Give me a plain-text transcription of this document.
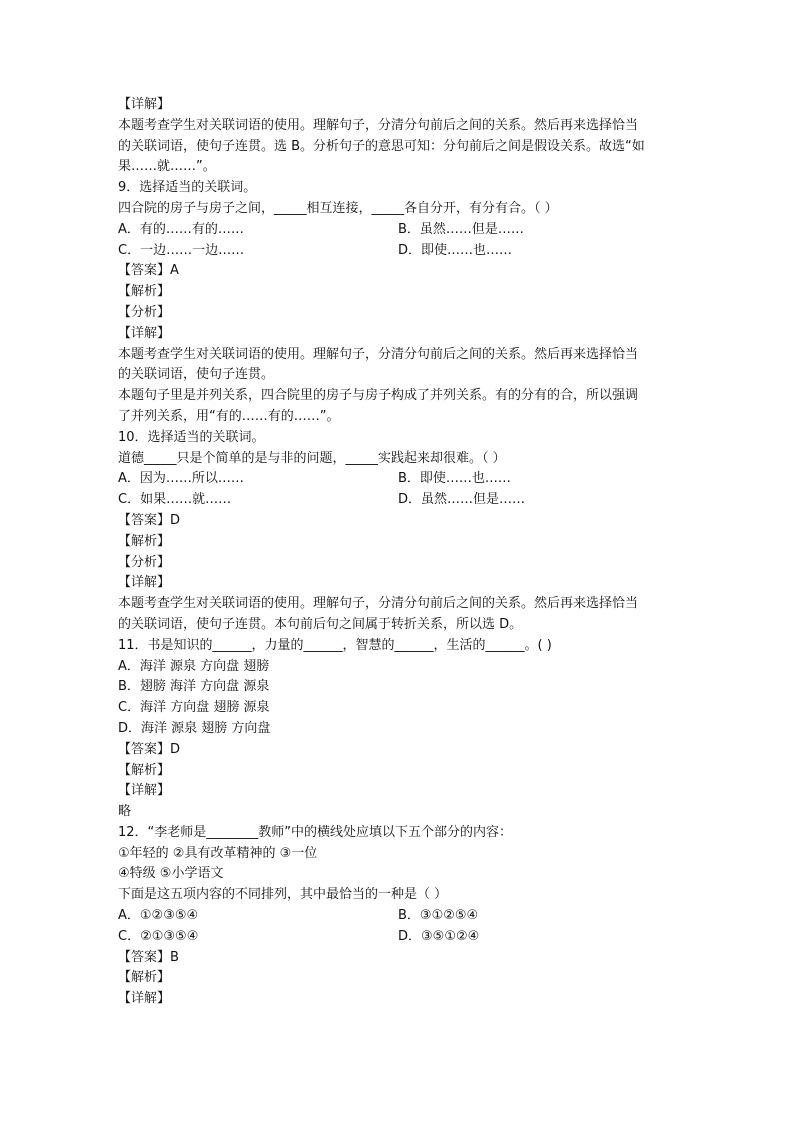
【详解】
本题考查学生对关联词语的使用。理解句子，分清分句前后之间的关系。然后再来选择恰当
的关联词语，使句子连贯。选 B。分析句子的意思可知：分句前后之间是假设关系。故选“如
果……就……”。
9．选择适当的关联词。
四合院的房子与房子之间，_____相互连接，_____各自分开，有分有合。（ ）
A．有的……有的……	B．虽然……但是……
C．一边……一边……	D．即使……也……
【答案】A
【解析】
【分析】
【详解】
本题考查学生对关联词语的使用。理解句子，分清分句前后之间的关系。然后再来选择恰当
的关联词语，使句子连贯。
本题句子里是并列关系，四合院里的房子与房子构成了并列关系。有的分有的合，所以强调
了并列关系，用“有的……有的……”。
10．选择适当的关联词。
道德_____只是个简单的是与非的问题，_____实践起来却很难。（ ）
A．因为……所以……	B．即使……也……
C．如果……就……	D．虽然……但是……
【答案】D
【解析】
【分析】
【详解】
本题考查学生对关联词语的使用。理解句子，分清分句前后之间的关系。然后再来选择恰当
的关联词语，使句子连贯。本句前后句之间属于转折关系，所以选 D。
11．书是知识的______，力量的______，智慧的______，生活的______。( )
A．海洋 源泉 方向盘 翅膀
B．翅膀 海洋 方向盘 源泉
C．海洋 方向盘 翅膀 源泉
D．海洋 源泉 翅膀 方向盘
【答案】D
【解析】
【详解】
略
12．“李老师是________教师”中的横线处应填以下五个部分的内容：
①年轻的 ②具有改革精神的 ③一位
④特级 ⑤小学语文
下面是这五项内容的不同排列，其中最恰当的一种是（ ）
A．①②③⑤④	B．③①②⑤④
C．②①③⑤④	D．③⑤①②④
【答案】B
【解析】
【详解】
